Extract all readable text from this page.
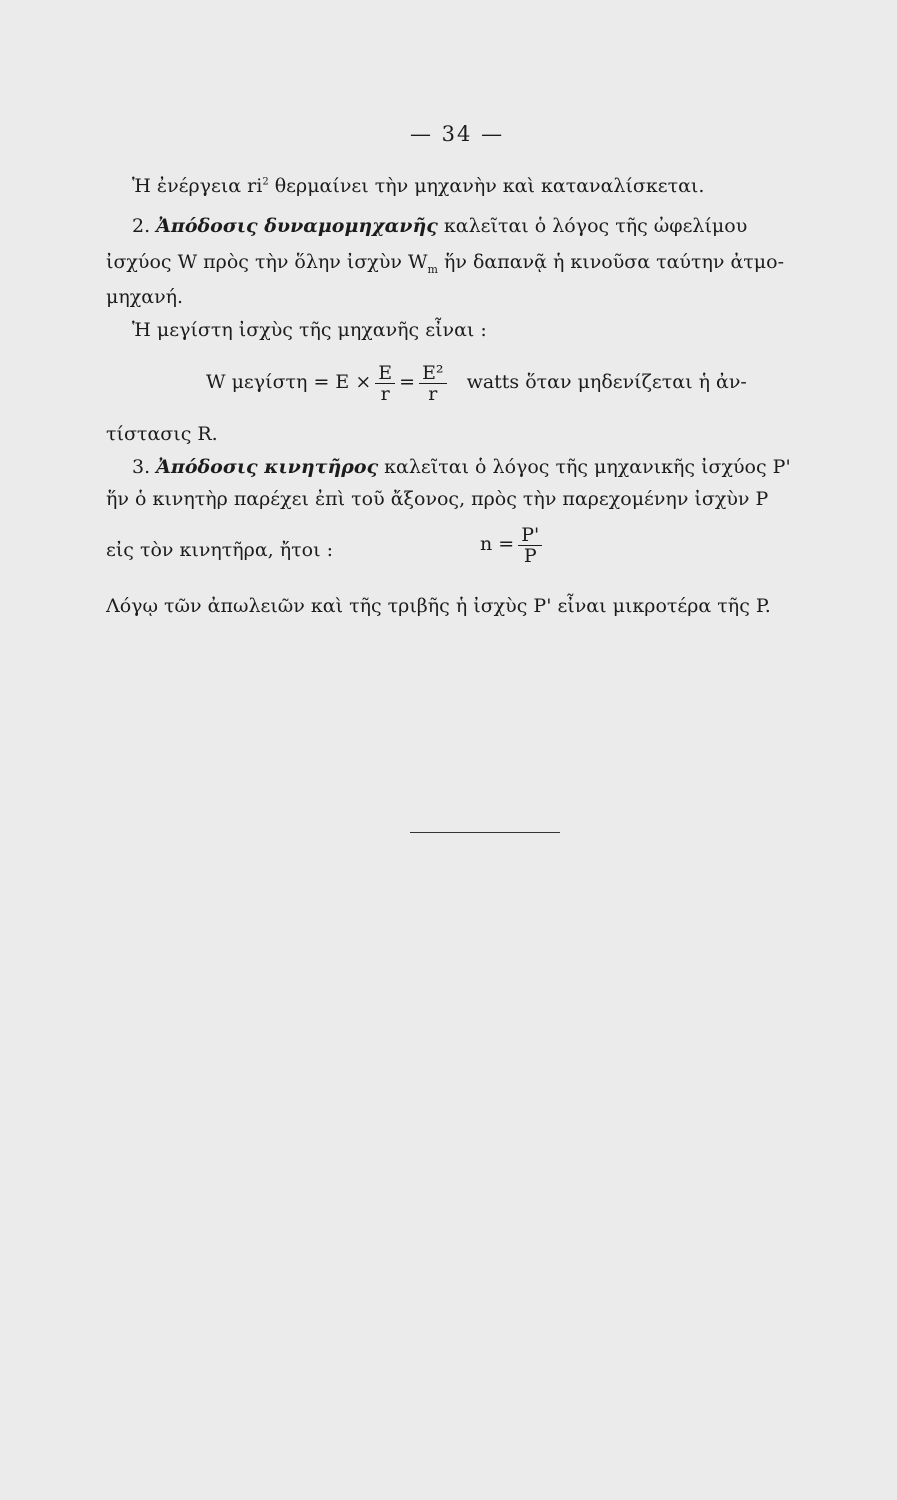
— 34 —
Ἡ ἐνέργεια $ri^2$ θερμαίνει τὴν μηχανὴν καὶ καταναλίσκεται.
2. Ἀπόδοσις δυναμομηχανῆς καλεῖται ὁ λόγος τῆς ὠφελίμου
ἰσχύος W πρὸς τὴν ὅλην ἰσχὺν $W_m$ ἥν δαπανᾷ ἡ κινοῦσα ταύτην ἀτμο-
μηχανή.
Ἡ μεγίστη ἰσχὺς τῆς μηχανῆς εἶναι :
W $\mu\varepsilon\gamma ί\sigma\tau\eta = E \times \frac{E}{r} = \frac{\text{E²}}{r}$ watts ὅταν μηδενίζεται ἡ ἀν-
τίστασις R.
3. Ἀπόδοσις κινητῆρος καλεῖται ὁ λόγος τῆς μηχανικῆς ἰσχύος P'
ἥν ὁ κινητὴρ παρέχει ἐπὶ τοῦ ἄξονος, πρὸς τὴν παρεχομένην ἰσχὺν P
εἰς τὸν κινητῆρα, ἤτοι :	$n = \frac{P'}{P}$
Λόγῳ τῶν ἀπωλειῶν καὶ τῆς τριβῆς ἡ ἰσχὺς P' εἶναι μικροτέρα τῆς P.
